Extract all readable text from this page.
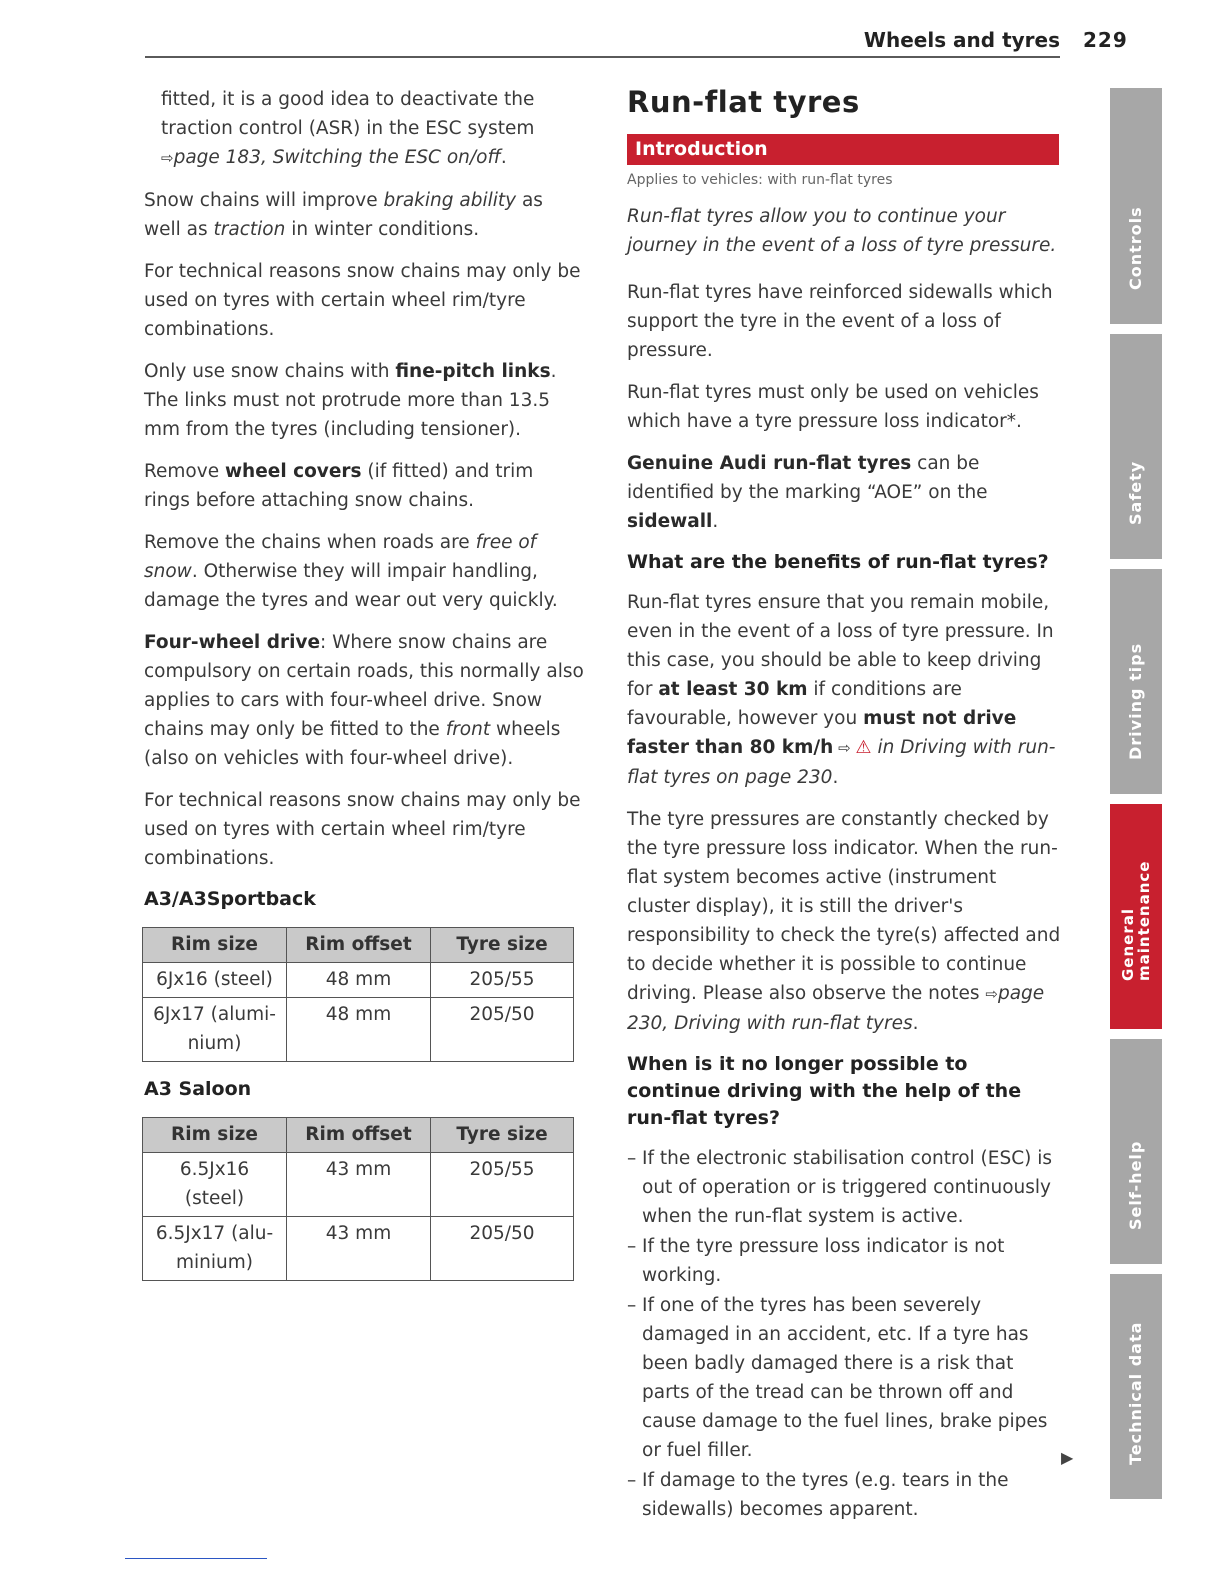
Wheels and tyres 229

fitted, it is a good idea to deactivate the traction control (ASR) in the ESC system ⇨page 183, Switching the ESC on/off.

Snow chains will improve braking ability as well as traction in winter conditions.

For technical reasons snow chains may only be used on tyres with certain wheel rim/tyre combinations.

Only use snow chains with fine-pitch links. The links must not protrude more than 13.5 mm from the tyres (including tensioner).

Remove wheel covers (if fitted) and trim rings before attaching snow chains.

Remove the chains when roads are free of snow. Otherwise they will impair handling, damage the tyres and wear out very quickly.

Four-wheel drive: Where snow chains are compulsory on certain roads, this normally also applies to cars with four-wheel drive. Snow chains may only be fitted to the front wheels (also on vehicles with four-wheel drive).

For technical reasons snow chains may only be used on tyres with certain wheel rim/tyre combinations.

A3/A3Sportback
Rim size	Rim offset	Tyre size
6Jx16 (steel)	48 mm	205/55
6Jx17 (alumi-nium)	48 mm	205/50
A3 Saloon
Rim size	Rim offset	Tyre size
6.5Jx16 (steel)	43 mm	205/55
6.5Jx17 (alu-minium)	43 mm	205/50
Run-flat tyres
Introduction
Applies to vehicles: with run-flat tyres

Run-flat tyres allow you to continue your journey in the event of a loss of tyre pressure.

Run-flat tyres have reinforced sidewalls which support the tyre in the event of a loss of pressure.

Run-flat tyres must only be used on vehicles which have a tyre pressure loss indicator*.

Genuine Audi run-flat tyres can be identified by the marking “AOE” on the sidewall.

What are the benefits of run-flat tyres?

Run-flat tyres ensure that you remain mobile, even in the event of a loss of tyre pressure. In this case, you should be able to keep driving for at least 30 km if conditions are favourable, however you must not drive faster than 80 km/h ⇨ ⚠ in Driving with run-flat tyres on page 230.

The tyre pressures are constantly checked by the tyre pressure loss indicator. When the run-flat system becomes active (instrument cluster display), it is still the driver's responsibility to check the tyre(s) affected and to decide whether it is possible to continue driving. Please also observe the notes ⇨page 230, Driving with run-flat tyres.

When is it no longer possible to continue driving with the help of the run-flat tyres?
– If the electronic stabilisation control (ESC) is out of operation or is triggered continuously when the run-flat system is active.
– If the tyre pressure loss indicator is not working.
– If one of the tyres has been severely damaged in an accident, etc. If a tyre has been badly damaged there is a risk that parts of the tread can be thrown off and cause damage to the fuel lines, brake pipes or fuel filler.
– If damage to the tyres (e.g. tears in the sidewalls) becomes apparent.
▶
Controls
Safety
Driving tips
General maintenance
Self-help
Technical data
